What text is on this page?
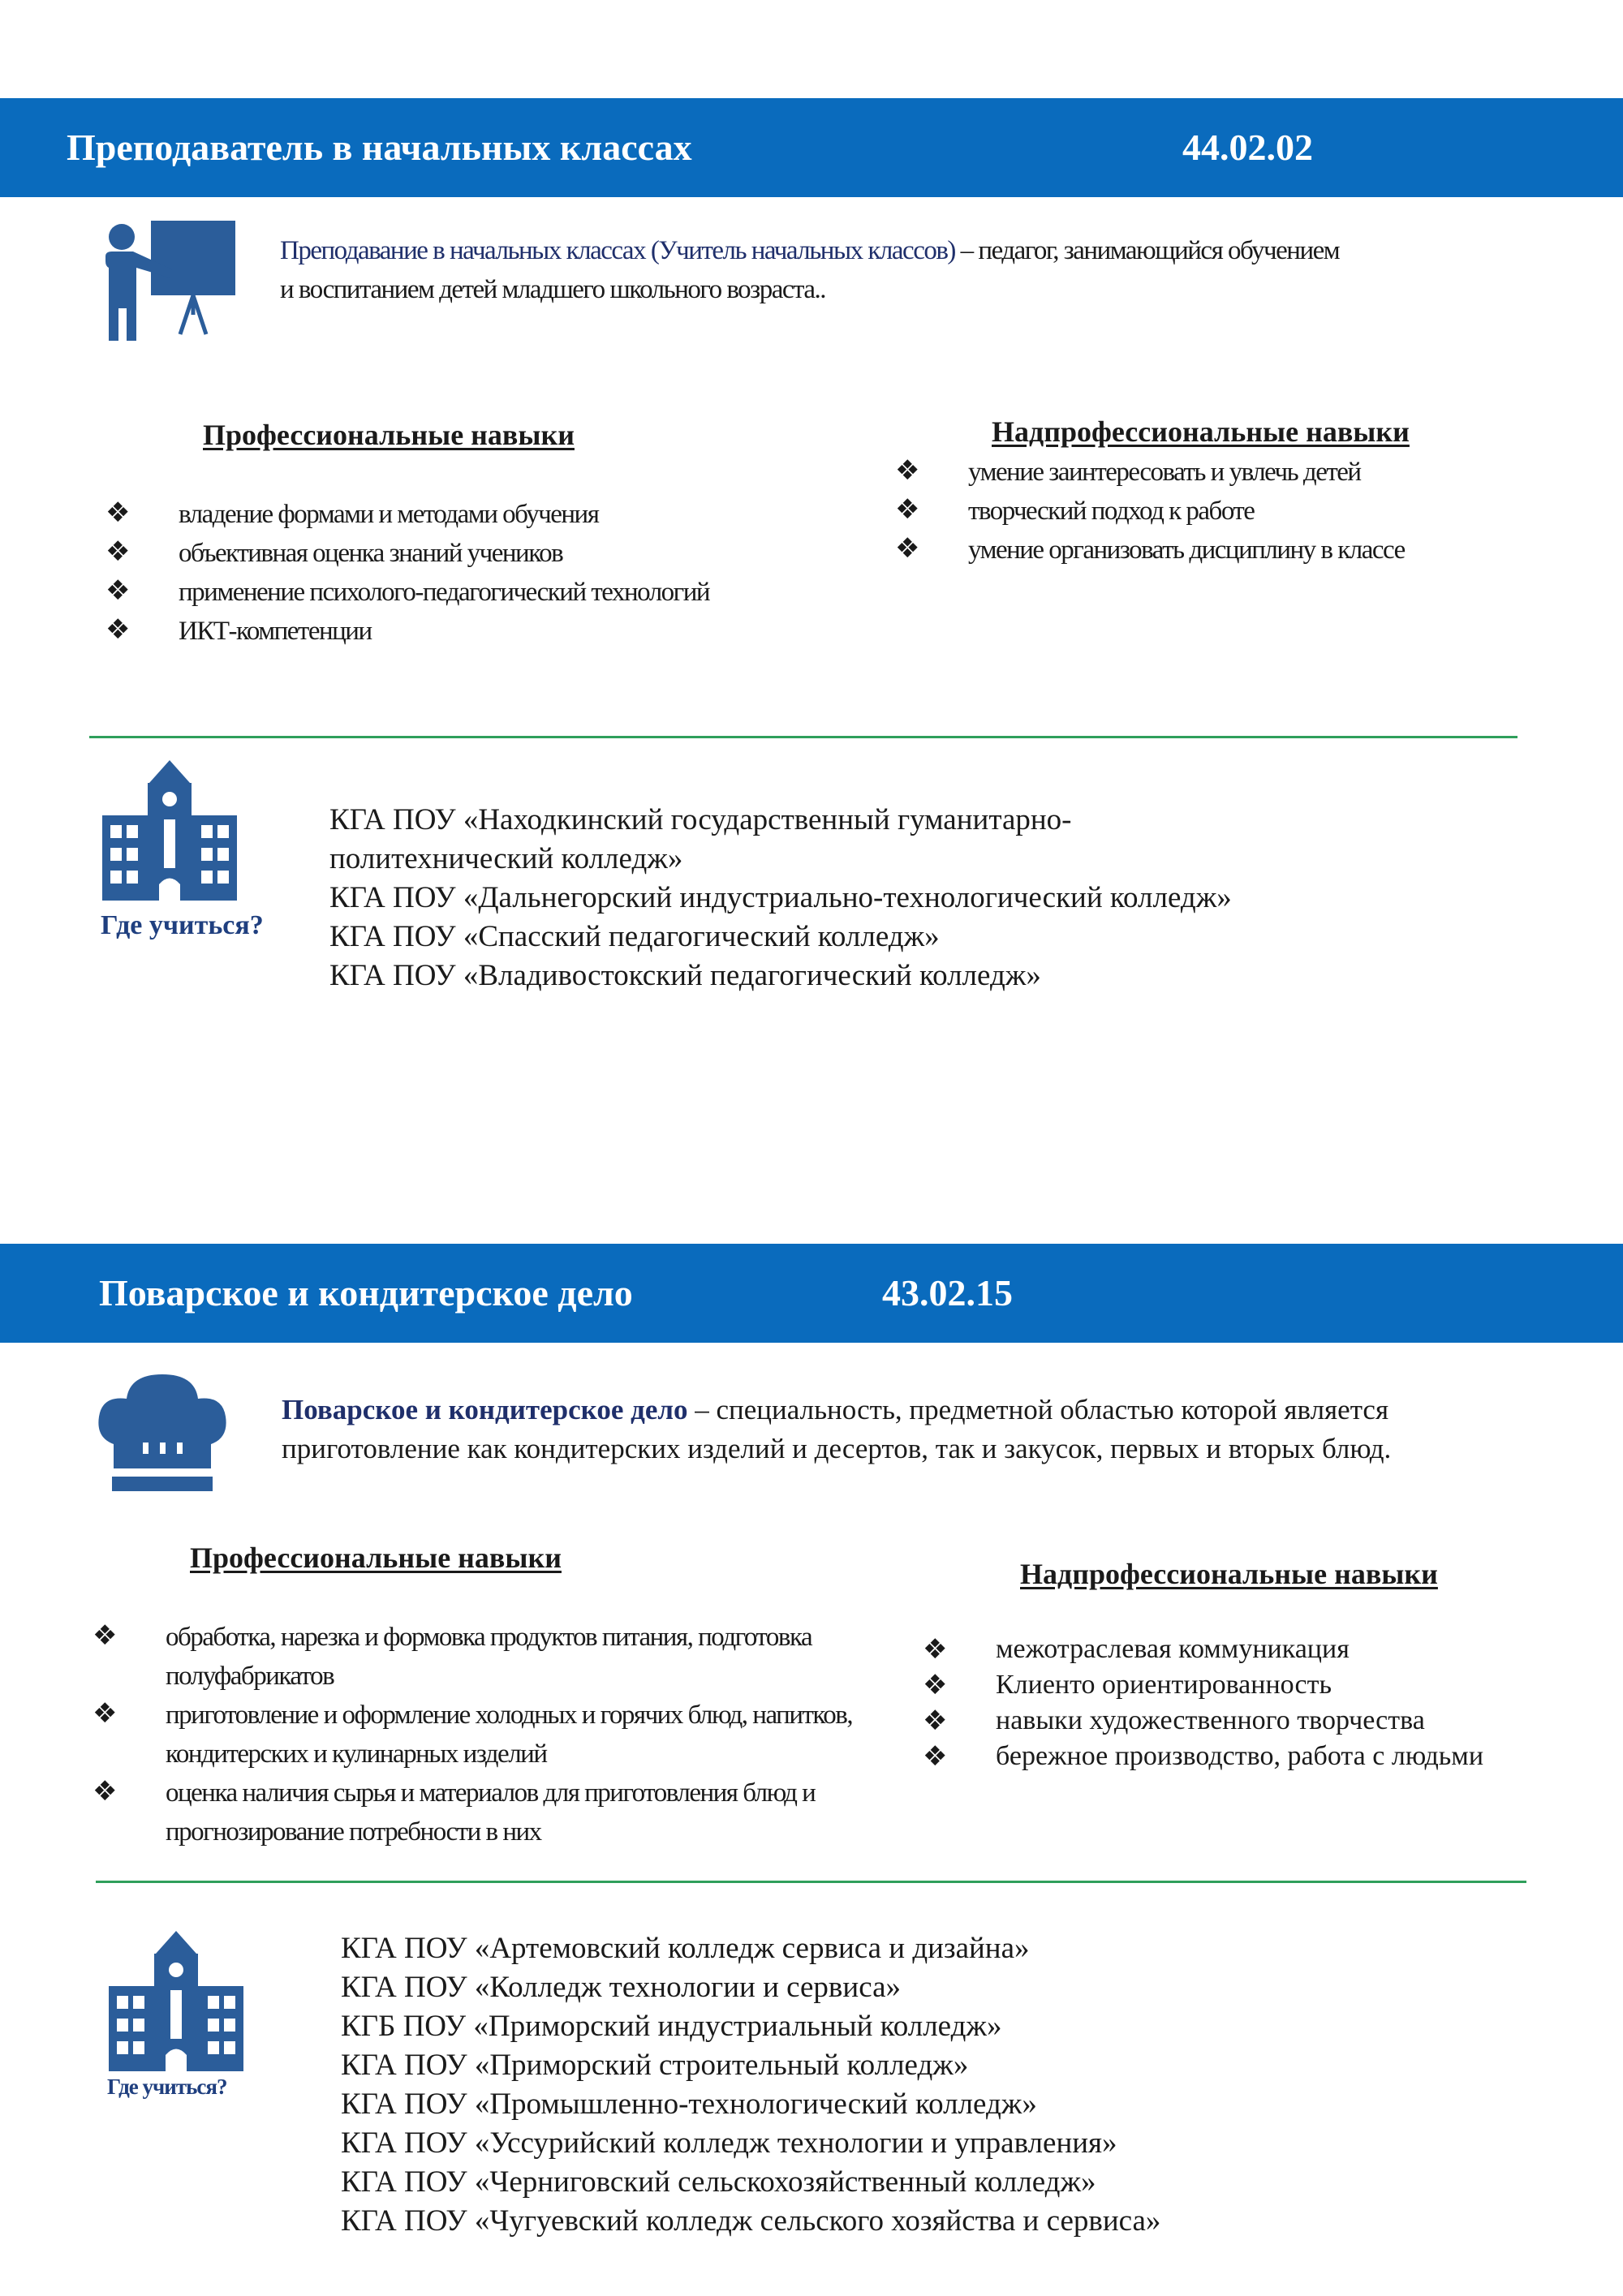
Преподаватель в начальных классах	44.02.02
Преподавание в начальных классах (Учитель начальных классов) – педагог, занимающийся обучением
и воспитанием детей младшего школьного возраста..
Профессиональные навыки
❖ владение формами и методами обучения
❖ объективная оценка знаний учеников
❖ применение психолого-педагогический технологий
❖ ИКТ-компетенции
Надпрофессиональные навыки
❖ умение заинтересовать и увлечь детей
❖ творческий подход к работе
❖ умение организовать дисциплину в классе
Где учиться?
КГА ПОУ «Находкинский государственный гуманитарно-
политехнический колледж»
КГА ПОУ «Дальнегорский индустриально-технологический колледж»
КГА ПОУ «Спасский педагогический колледж»
КГА ПОУ «Владивостокский педагогический колледж»
Поварское и кондитерское дело	43.02.15
Поварское и кондитерское дело – специальность, предметной областью которой является
приготовление как кондитерских изделий и десертов, так и закусок, первых и вторых блюд.
Профессиональные навыки
❖ обработка, нарезка и формовка продуктов питания, подготовка полуфабрикатов
❖ приготовление и оформление холодных и горячих блюд, напитков, кондитерских и кулинарных изделий
❖ оценка наличия сырья и материалов для приготовления блюд и прогнозирование потребности в них
Надпрофессиональные навыки
❖ межотраслевая коммуникация
❖ Клиенто ориентированность
❖ навыки художественного творчества
❖ бережное производство, работа с людьми
Где учиться?
КГА ПОУ «Артемовский колледж сервиса и дизайна»
КГА ПОУ «Колледж технологии и сервиса»
КГБ ПОУ «Приморский индустриальный колледж»
КГА ПОУ «Приморский строительный колледж»
КГА ПОУ «Промышленно-технологический колледж»
КГА ПОУ «Уссурийский колледж технологии и управления»
КГА ПОУ «Черниговский сельскохозяйственный колледж»
КГА ПОУ «Чугуевский колледж сельского хозяйства и сервиса»
